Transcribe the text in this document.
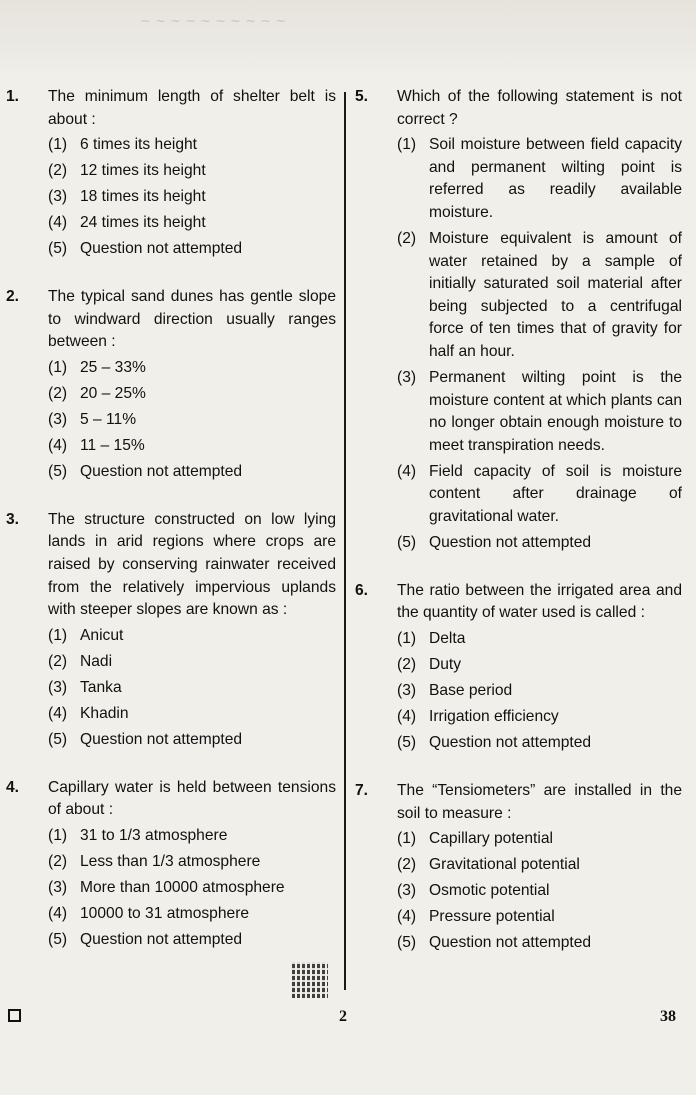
~ ~ ~ ~ ~ ~ ~ ~ ~ ~
1. The minimum length of shelter belt is about :
(1) 6 times its height
(2) 12 times its height
(3) 18 times its height
(4) 24 times its height
(5) Question not attempted
2. The typical sand dunes has gentle slope to windward direction usually ranges between :
(1) 25 – 33%
(2) 20 – 25%
(3) 5 – 11%
(4) 11 – 15%
(5) Question not attempted
3. The structure constructed on low lying lands in arid regions where crops are raised by conserving rainwater received from the relatively impervious uplands with steeper slopes are known as :
(1) Anicut
(2) Nadi
(3) Tanka
(4) Khadin
(5) Question not attempted
4. Capillary water is held between tensions of about :
(1) 31 to 1/3 atmosphere
(2) Less than 1/3 atmosphere
(3) More than 10000 atmosphere
(4) 10000 to 31 atmosphere
(5) Question not attempted
5. Which of the following statement is not correct ?
(1) Soil moisture between field capacity and permanent wilting point is referred as readily available moisture.
(2) Moisture equivalent is amount of water retained by a sample of initially saturated soil material after being subjected to a centrifugal force of ten times that of gravity for half an hour.
(3) Permanent wilting point is the moisture content at which plants can no longer obtain enough moisture to meet transpiration needs.
(4) Field capacity of soil is moisture content after drainage of gravitational water.
(5) Question not attempted
6. The ratio between the irrigated area and the quantity of water used is called :
(1) Delta
(2) Duty
(3) Base period
(4) Irrigation efficiency
(5) Question not attempted
7. The “Tensiometers” are installed in the soil to measure :
(1) Capillary potential
(2) Gravitational potential
(3) Osmotic potential
(4) Pressure potential
(5) Question not attempted
2	38
